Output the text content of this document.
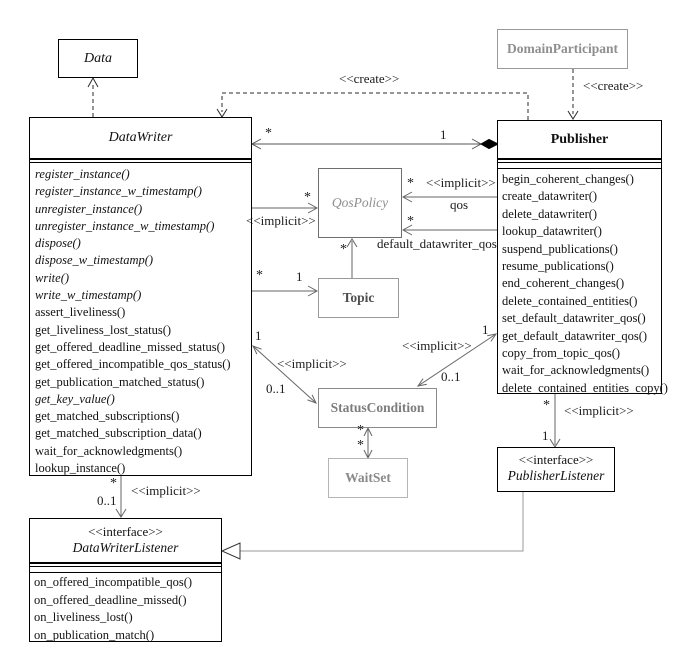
Data
DomainParticipant
DataWriter
register_instance()
register_instance_w_timestamp()
unregister_instance()
unregister_instance_w_timestamp()
dispose()
dispose_w_timestamp()
write()
write_w_timestamp()
assert_liveliness()
get_liveliness_lost_status()
get_offered_deadline_missed_status()
get_offered_incompatible_qos_status()
get_publication_matched_status()
get_key_value()
get_matched_subscriptions()
get_matched_subscription_data()
wait_for_acknowledgments()
lookup_instance()
Publisher
begin_coherent_changes()
create_datawriter()
delete_datawriter()
lookup_datawriter()
suspend_publications()
resume_publications()
end_coherent_changes()
delete_contained_entities()
set_default_datawriter_qos()
get_default_datawriter_qos()
copy_from_topic_qos()
wait_for_acknowledgments()
delete_contained_entities_copy()
QosPolicy
Topic
StatusCondition
WaitSet
<<interface>>
PublisherListener
<<interface>>
DataWriterListener
on_offered_incompatible_qos()
on_offered_deadline_missed()
on_liveliness_lost()
on_publication_match()
<<create>>	<<create>>
*	1
*
<<implicit>>
* <<implicit>>
qos
*
default_datawriter_qos
*
*	1
1
<<implicit>>
0..1
1
<<implicit>>
0..1
*
*
*
0..1
<<implicit>>
* <<implicit>>
1
